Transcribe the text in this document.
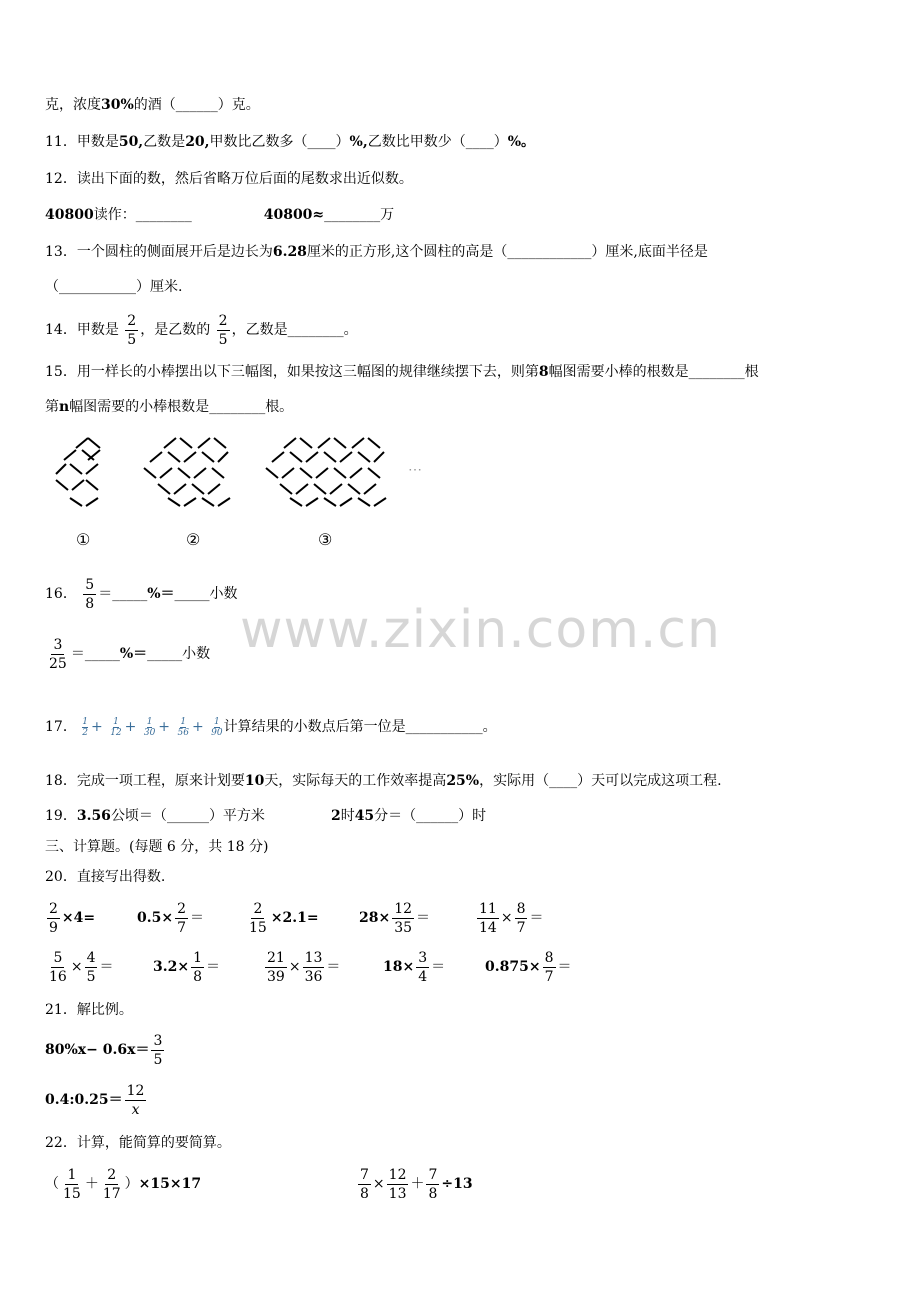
克，浓度30%的酒（______）克。
11．甲数是50,乙数是20,甲数比乙数多（____）%,乙数比甲数少（____）%。
12．读出下面的数，然后省略万位后面的尾数求出近似数。
40800读作：________	40800≈________万
13．一个圆柱的侧面展开后是边长为6.28厘米的正方形,这个圆柱的高是（____________）厘米,底面半径是
（___________）厘米.
14．甲数是 $\frac{2}{5}$ ，是乙数的 $\frac{2}{5}$ ，乙数是________。
15．用一样长的小棒摆出以下三幅图，如果按这三幅图的规律继续摆下去，则第8幅图需要小棒的根数是________根
第n幅图需要的小棒根数是________根。
⋯
①	②	③
16． $\frac{5}{8}$ ＝_____%＝_____小数
$\frac{3}{25}$ ＝_____%＝_____小数
17． $\frac{1}{2} + \frac{1}{12} + \frac{1}{30} + \frac{1}{56} + \frac{1}{90}$ 计算结果的小数点后第一位是___________。
18．完成一项工程，原来计划要10天，实际每天的工作效率提高25%，实际用（____）天可以完成这项工程.
19．3.56公顷＝（______）平方米	2时45分＝（______）时
三、计算题。(每题 6 分，共 18 分)
20．直接写出得数.
$\frac{2}{9} \times 4=$	$0.5\times \frac{2}{7}$ ＝	$\frac{2}{15} \times 2.1=$	$28\times \frac{12}{35}$ ＝	$\frac{11}{14} \times \frac{8}{7}$ ＝
$\frac{5}{16} \times \frac{4}{5}$ ＝	$3.2\times \frac{1}{8}$ ＝	$\frac{21}{39} \times \frac{13}{36}$ ＝	$18\times \frac{3}{4}$ ＝	$0.875\times \frac{8}{7}$ ＝
21．解比例。
$80\%x- 0.6x= \frac{3}{5}$
0.4:0.25＝ $\frac{12}{x}$
22．计算，能简算的要简算。
（ $\frac{1}{15} + \frac{2}{17} )\times 15\times 17$	$\frac{7}{8} \times \frac{12}{13} + \frac{7}{8} \div 13$
www.zixin.com.cn
